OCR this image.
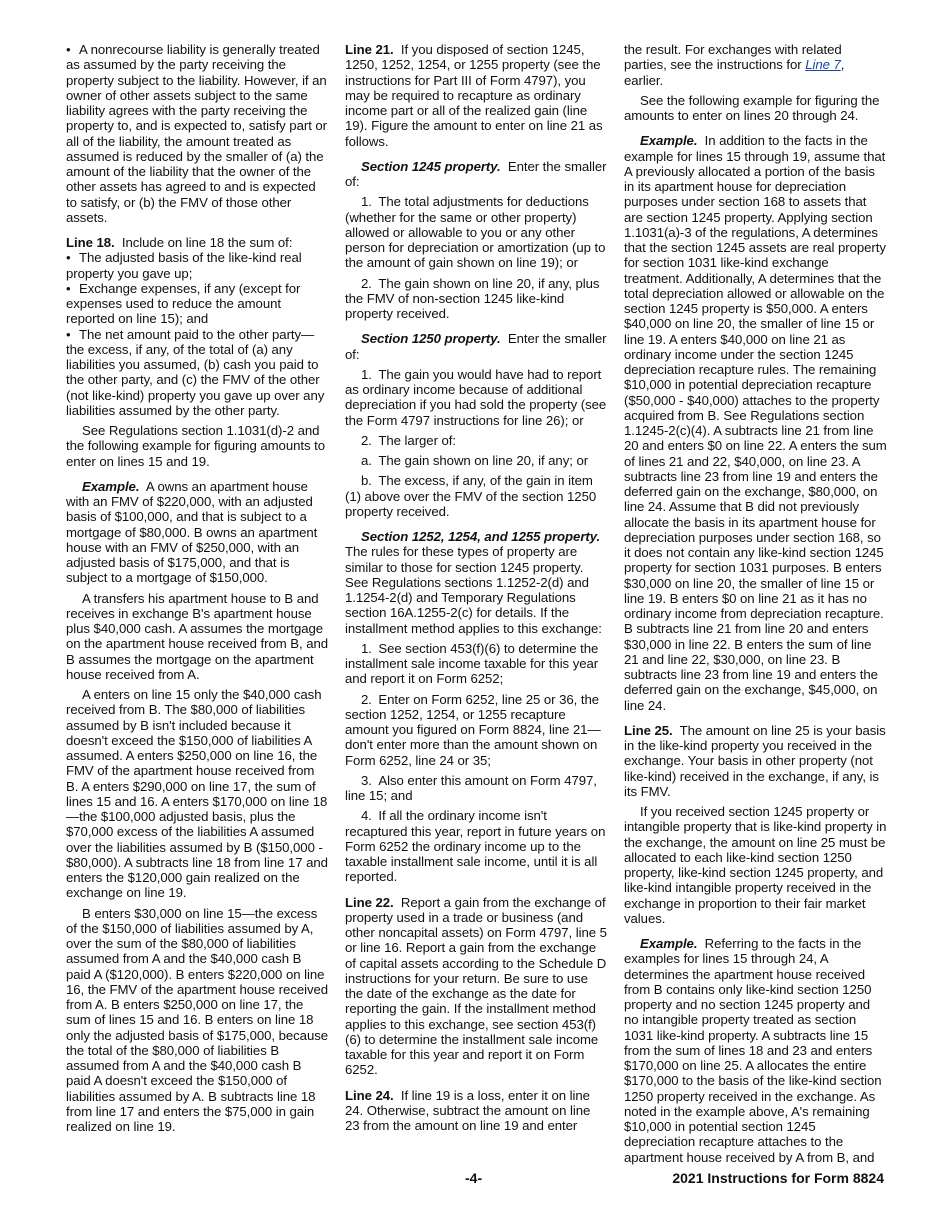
• A nonrecourse liability is generally treated as assumed by the party receiving the property subject to the liability. However, if an owner of other assets subject to the same liability agrees with the party receiving the property to, and is expected to, satisfy part or all of the liability, the amount treated as assumed is reduced by the smaller of (a) the amount of the liability that the owner of the other assets has agreed to and is expected to satisfy, or (b) the FMV of those other assets.

Line 18. Include on line 18 the sum of:

• The adjusted basis of the like-kind real property you gave up;

• Exchange expenses, if any (except for expenses used to reduce the amount reported on line 15); and

• The net amount paid to the other party—the excess, if any, of the total of (a) any liabilities you assumed, (b) cash you paid to the other party, and (c) the FMV of the other (not like-kind) property you gave up over any liabilities assumed by the other party.

See Regulations section 1.1031(d)-2 and the following example for figuring amounts to enter on lines 15 and 19.

Example. A owns an apartment house with an FMV of $220,000, with an adjusted basis of $100,000, and that is subject to a mortgage of $80,000. B owns an apartment house with an FMV of $250,000, with an adjusted basis of $175,000, and that is subject to a mortgage of $150,000.

A transfers his apartment house to B and receives in exchange B's apartment house plus $40,000 cash. A assumes the mortgage on the apartment house received from B, and B assumes the mortgage on the apartment house received from A.

A enters on line 15 only the $40,000 cash received from B. The $80,000 of liabilities assumed by B isn't included because it doesn't exceed the $150,000 of liabilities A assumed. A enters $250,000 on line 16, the FMV of the apartment house received from B. A enters $290,000 on line 17, the sum of lines 15 and 16. A enters $170,000 on line 18—the $100,000 adjusted basis, plus the $70,000 excess of the liabilities A assumed over the liabilities assumed by B ($150,000 - $80,000). A subtracts line 18 from line 17 and enters the $120,000 gain realized on the exchange on line 19.

B enters $30,000 on line 15—the excess of the $150,000 of liabilities assumed by A, over the sum of the $80,000 of liabilities assumed from A and the $40,000 cash B paid A ($120,000). B enters $220,000 on line 16, the FMV of the apartment house received from A. B enters $250,000 on line 17, the sum of lines 15 and 16. B enters on line 18 only the adjusted basis of $175,000, because the total of the $80,000 of liabilities B assumed from A and the $40,000 cash B paid A doesn't exceed the $150,000 of liabilities assumed by A. B subtracts line 18 from line 17 and enters the $75,000 in gain realized on line 19.

Line 21. If you disposed of section 1245, 1250, 1252, 1254, or 1255 property (see the instructions for Part III of Form 4797), you may be required to recapture as ordinary income part or all of the realized gain (line 19). Figure the amount to enter on line 21 as follows.

Section 1245 property. Enter the smaller of:

1. The total adjustments for deductions (whether for the same or other property) allowed or allowable to you or any other person for depreciation or amortization (up to the amount of gain shown on line 19); or

2. The gain shown on line 20, if any, plus the FMV of non-section 1245 like-kind property received.

Section 1250 property. Enter the smaller of:

1. The gain you would have had to report as ordinary income because of additional depreciation if you had sold the property (see the Form 4797 instructions for line 26); or

2. The larger of:

a. The gain shown on line 20, if any; or

b. The excess, if any, of the gain in item (1) above over the FMV of the section 1250 property received.

Section 1252, 1254, and 1255 property.  The rules for these types of property are similar to those for section 1245 property. See Regulations sections 1.1252-2(d) and 1.1254-2(d) and Temporary Regulations section 16A.1255-2(c) for details. If the installment method applies to this exchange:

1. See section 453(f)(6) to determine the installment sale income taxable for this year and report it on Form 6252;

2. Enter on Form 6252, line 25 or 36, the section 1252, 1254, or 1255 recapture amount you figured on Form 8824, line 21—don't enter more than the amount shown on Form 6252, line 24 or 35;

3. Also enter this amount on Form 4797, line 15; and

4. If all the ordinary income isn't recaptured this year, report in future years on Form 6252 the ordinary income up to the taxable installment sale income, until it is all reported.

Line 22. Report a gain from the exchange of property used in a trade or business (and other noncapital assets) on Form 4797, line 5 or line 16. Report a gain from the exchange of capital assets according to the Schedule D instructions for your return. Be sure to use the date of the exchange as the date for reporting the gain. If the installment method applies to this exchange, see section 453(f)(6) to determine the installment sale income taxable for this year and report it on Form 6252.

Line 24. If line 19 is a loss, enter it on line 24. Otherwise, subtract the amount on line 23 from the amount on line 19 and enter

the result. For exchanges with related parties, see the instructions for Line 7, earlier.

See the following example for figuring the amounts to enter on lines 20 through 24.

Example. In addition to the facts in the example for lines 15 through 19, assume that A previously allocated a portion of the basis in its apartment house for depreciation purposes under section 168 to assets that are section 1245 property. Applying section 1.1031(a)-3 of the regulations, A determines that the section 1245 assets are real property for section 1031 like-kind exchange treatment. Additionally, A determines that the total depreciation allowed or allowable on the section 1245 property is $50,000. A enters $40,000 on line 20, the smaller of line 15 or line 19. A enters $40,000 on line 21 as ordinary income under the section 1245 depreciation recapture rules. The remaining $10,000 in potential depreciation recapture ($50,000 - $40,000) attaches to the property acquired from B. See Regulations section 1.1245-2(c)(4). A subtracts line 21 from line 20 and enters $0 on line 22. A enters the sum of lines 21 and 22, $40,000, on line 23. A subtracts line 23 from line 19 and enters the deferred gain on the exchange, $80,000, on line 24. Assume that B did not previously allocate the basis in its apartment house for depreciation purposes under section 168, so it does not contain any like-kind section 1245 property for section 1031 purposes. B enters $30,000 on line 20, the smaller of line 15 or line 19. B enters $0 on line 21 as it has no ordinary income from depreciation recapture. B subtracts line 21 from line 20 and enters $30,000 in line 22. B enters the sum of line 21 and line 22, $30,000, on line 23. B subtracts line 23 from line 19 and enters the deferred gain on the exchange, $45,000, on line 24.

Line 25. The amount on line 25 is your basis in the like-kind property you received in the exchange. Your basis in other property (not like-kind) received in the exchange, if any, is its FMV.

If you received section 1245 property or intangible property that is like-kind property in the exchange, the amount on line 25 must be allocated to each like-kind section 1250 property, like-kind section 1245 property, and like-kind intangible property received in the exchange in proportion to their fair market values.

Example. Referring to the facts in the examples for lines 15 through 24, A determines the apartment house received from B contains only like-kind section 1250 property and no section 1245 property and no intangible property treated as section 1031 like-kind property. A subtracts line 15 from the sum of lines 18 and 23 and enters $170,000 on line 25. A allocates the entire $170,000 to the basis of the like-kind section 1250 property received in the exchange. As noted in the example above, A's remaining $10,000 in potential section 1245 depreciation recapture attaches to the apartment house received by A from B, and

-4-	2021 Instructions for Form 8824
